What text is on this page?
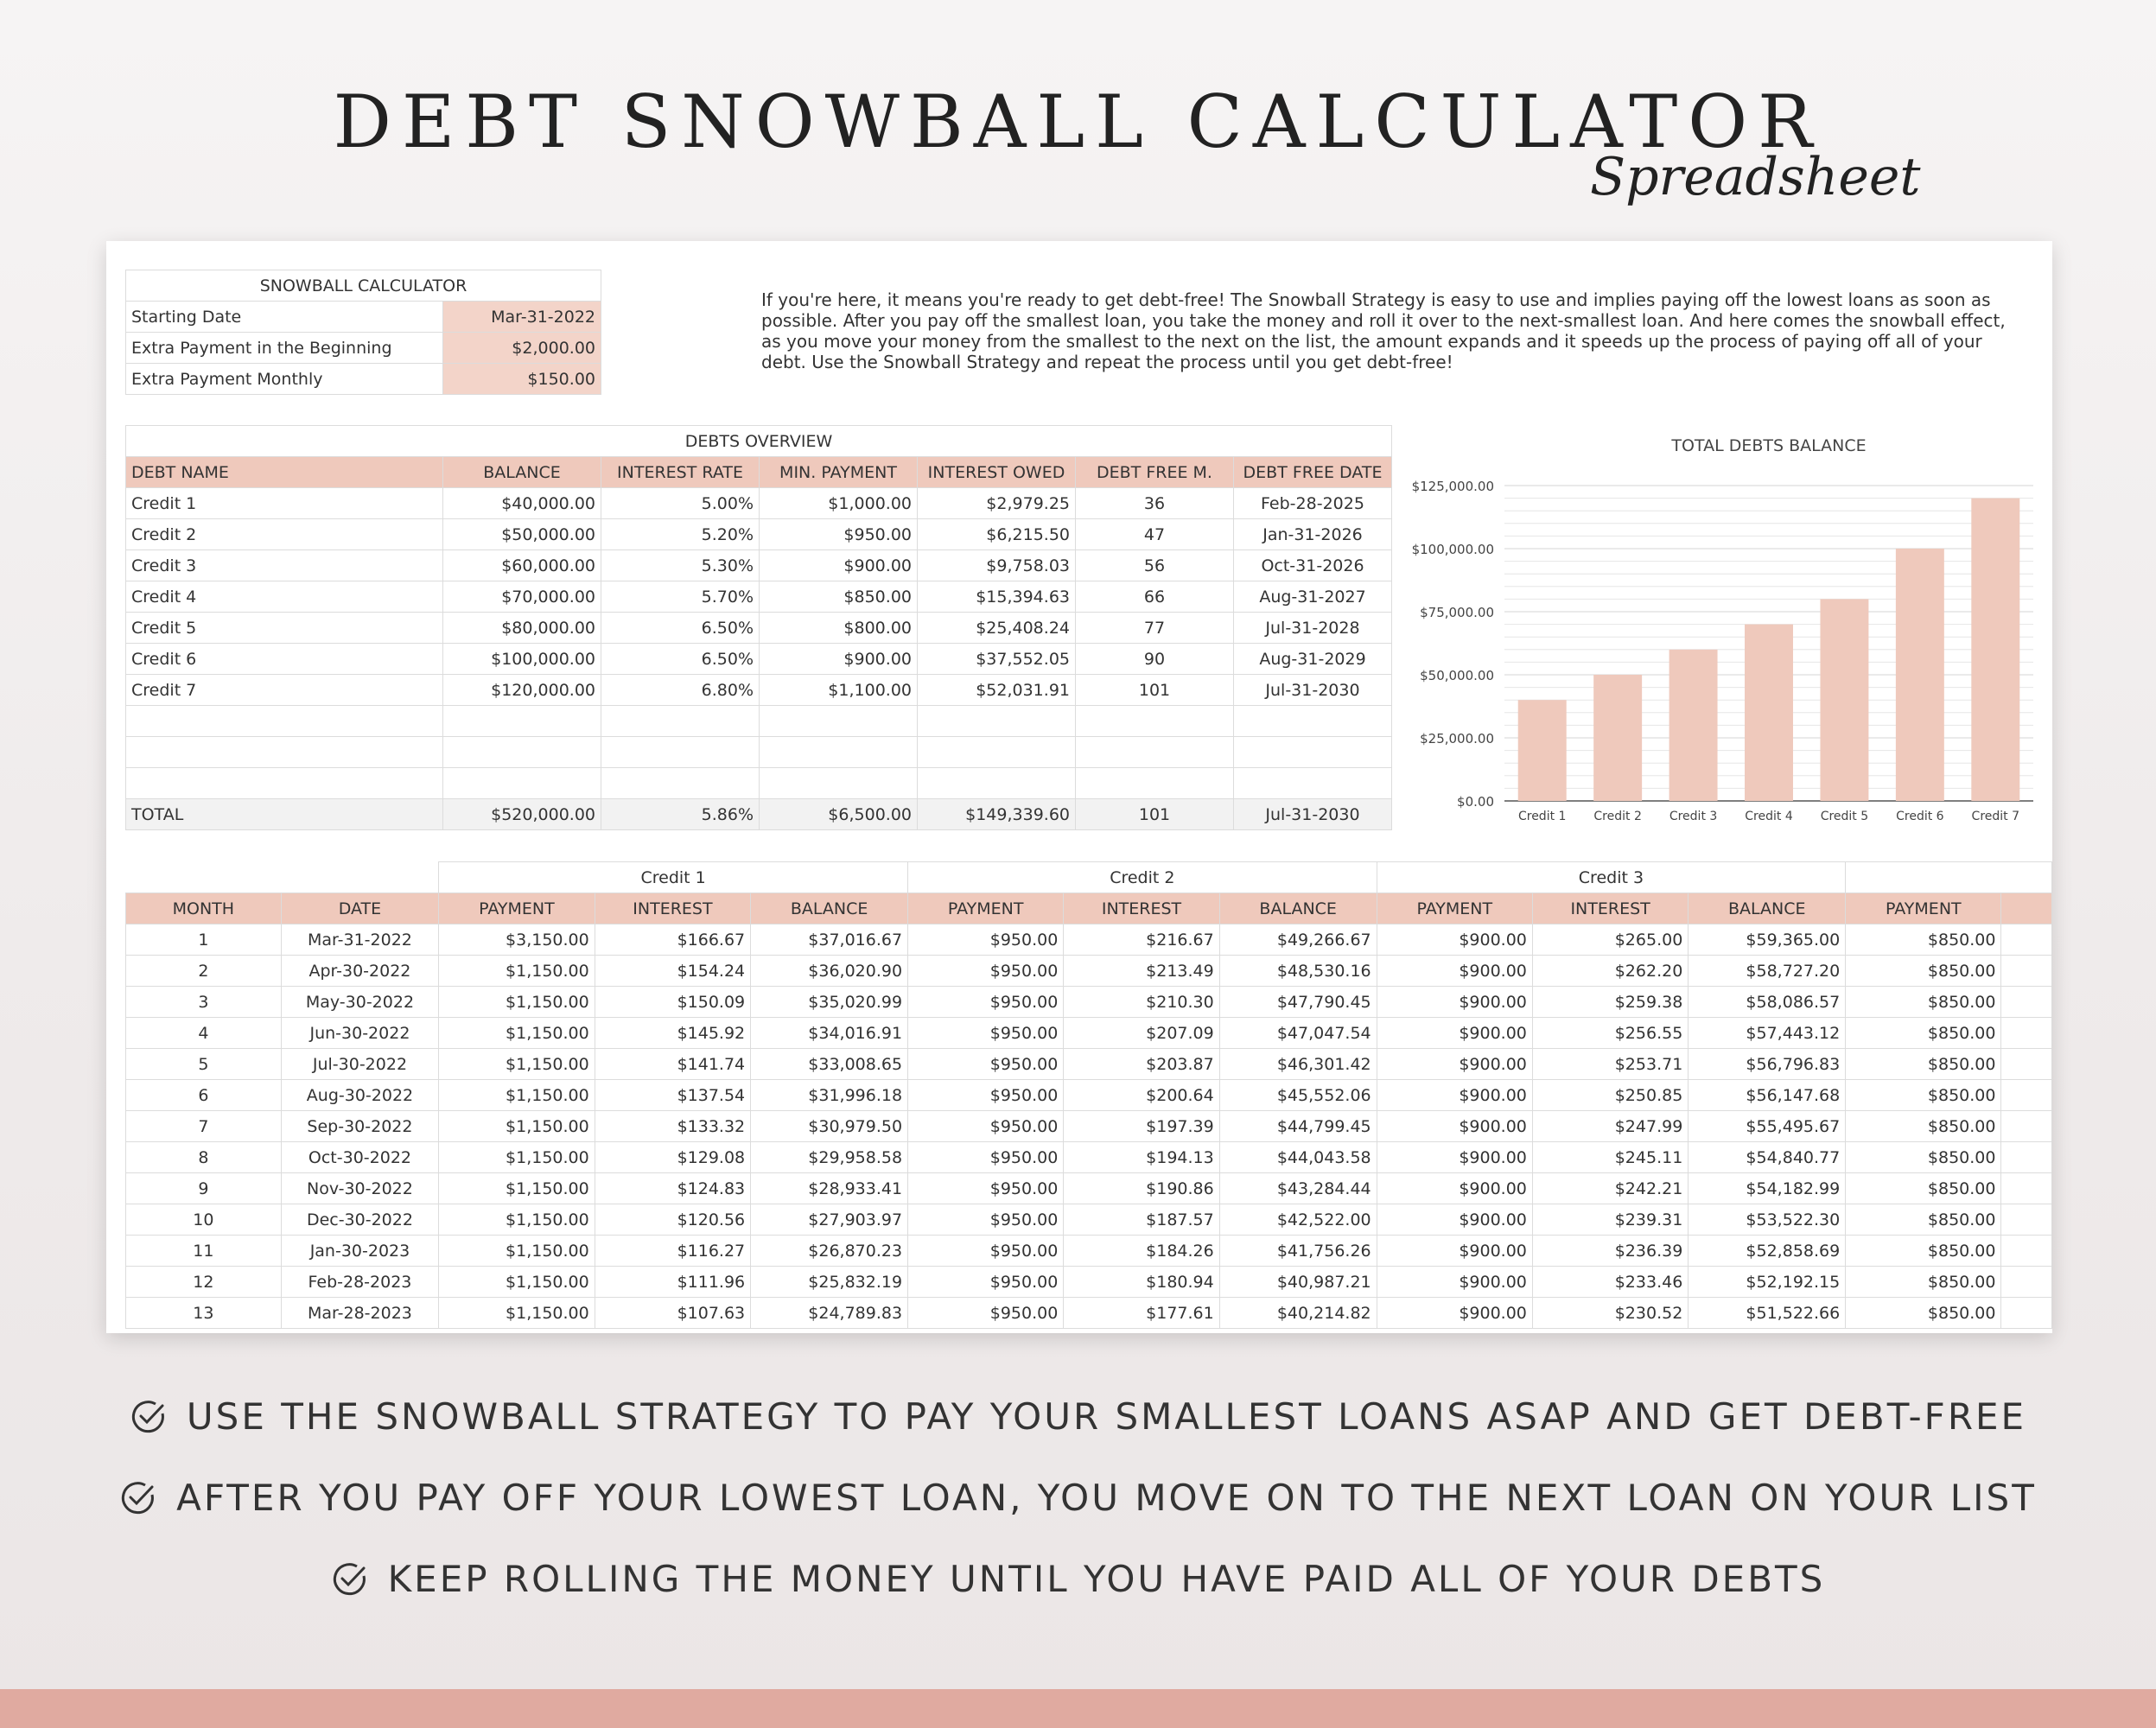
DEBT SNOWBALL CALCULATOR
Spreadsheet
SNOWBALL CALCULATOR	
Starting Date	Mar-31-2022
Extra Payment in the Beginning	$2,000.00
Extra Payment Monthly	$150.00
If you're here, it means you're ready to get debt-free! The Snowball Strategy is easy to use and implies paying off the lowest loans as soon as possible. After you pay off the smallest loan, you take the money and roll it over to the next-smallest loan. And here comes the snowball effect, as you move your money from the smallest to the next on the list, the amount expands and it speeds up the process of paying off all of your debt. Use the Snowball Strategy and repeat the process until you get debt-free!
DEBTS OVERVIEW						
DEBT NAME	BALANCE	INTEREST RATE	MIN. PAYMENT	INTEREST OWED	DEBT FREE M.	DEBT FREE DATE
Credit 1	$40,000.00	5.00%	$1,000.00	$2,979.25	36	Feb-28-2025
Credit 2	$50,000.00	5.20%	$950.00	$6,215.50	47	Jan-31-2026
Credit 3	$60,000.00	5.30%	$900.00	$9,758.03	56	Oct-31-2026
Credit 4	$70,000.00	5.70%	$850.00	$15,394.63	66	Aug-31-2027
Credit 5	$80,000.00	6.50%	$800.00	$25,408.24	77	Jul-31-2028
Credit 6	$100,000.00	6.50%	$900.00	$37,552.05	90	Aug-31-2029
Credit 7	$120,000.00	6.80%	$1,100.00	$52,031.91	101	Jul-31-2030

TOTAL	$520,000.00	5.86%	$6,500.00	$149,339.60	101	Jul-31-2030
TOTAL DEBTS BALANCE
$0.00
$25,000.00
$50,000.00
$75,000.00
$100,000.00
$125,000.00
Credit 1 Credit 2 Credit 3 Credit 4 Credit 5 Credit 6 Credit 7
		Credit 1			Credit 2			Credit 3				
MONTH	DATE	PAYMENT	INTEREST	BALANCE	PAYMENT	INTEREST	BALANCE	PAYMENT	INTEREST	BALANCE	PAYMENT	
1	Mar-31-2022	$3,150.00	$166.67	$37,016.67	$950.00	$216.67	$49,266.67	$900.00	$265.00	$59,365.00	$850.00	
2	Apr-30-2022	$1,150.00	$154.24	$36,020.90	$950.00	$213.49	$48,530.16	$900.00	$262.20	$58,727.20	$850.00	
3	May-30-2022	$1,150.00	$150.09	$35,020.99	$950.00	$210.30	$47,790.45	$900.00	$259.38	$58,086.57	$850.00	
4	Jun-30-2022	$1,150.00	$145.92	$34,016.91	$950.00	$207.09	$47,047.54	$900.00	$256.55	$57,443.12	$850.00	
5	Jul-30-2022	$1,150.00	$141.74	$33,008.65	$950.00	$203.87	$46,301.42	$900.00	$253.71	$56,796.83	$850.00	
6	Aug-30-2022	$1,150.00	$137.54	$31,996.18	$950.00	$200.64	$45,552.06	$900.00	$250.85	$56,147.68	$850.00	
7	Sep-30-2022	$1,150.00	$133.32	$30,979.50	$950.00	$197.39	$44,799.45	$900.00	$247.99	$55,495.67	$850.00	
8	Oct-30-2022	$1,150.00	$129.08	$29,958.58	$950.00	$194.13	$44,043.58	$900.00	$245.11	$54,840.77	$850.00	
9	Nov-30-2022	$1,150.00	$124.83	$28,933.41	$950.00	$190.86	$43,284.44	$900.00	$242.21	$54,182.99	$850.00	
10	Dec-30-2022	$1,150.00	$120.56	$27,903.97	$950.00	$187.57	$42,522.00	$900.00	$239.31	$53,522.30	$850.00	
11	Jan-30-2023	$1,150.00	$116.27	$26,870.23	$950.00	$184.26	$41,756.26	$900.00	$236.39	$52,858.69	$850.00	
12	Feb-28-2023	$1,150.00	$111.96	$25,832.19	$950.00	$180.94	$40,987.21	$900.00	$233.46	$52,192.15	$850.00	
13	Mar-28-2023	$1,150.00	$107.63	$24,789.83	$950.00	$177.61	$40,214.82	$900.00	$230.52	$51,522.66	$850.00	
USE THE SNOWBALL STRATEGY TO PAY YOUR SMALLEST LOANS ASAP AND GET DEBT-FREE
AFTER YOU PAY OFF YOUR LOWEST LOAN, YOU MOVE ON TO THE NEXT LOAN ON YOUR LIST
KEEP ROLLING THE MONEY UNTIL YOU HAVE PAID ALL OF YOUR DEBTS
